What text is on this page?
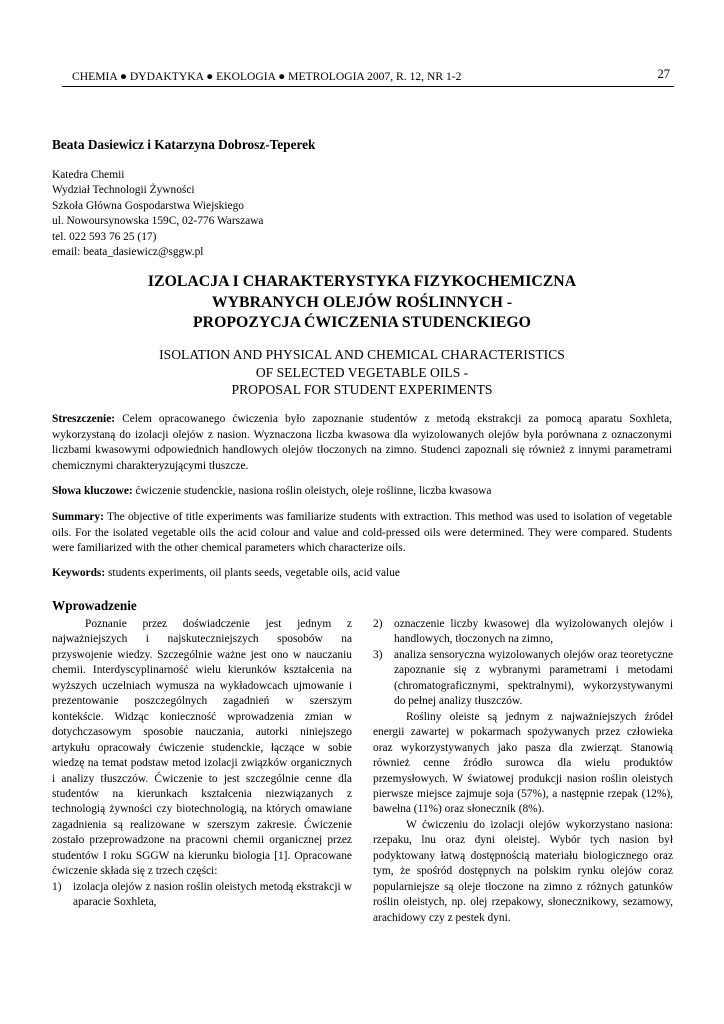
CHEMIA ● DYDAKTYKA ● EKOLOGIA ● METROLOGIA 2007, R. 12, NR 1-2	27
Beata Dasiewicz i Katarzyna Dobrosz-Teperek
Katedra Chemii
Wydział Technologii Żywności
Szkoła Główna Gospodarstwa Wiejskiego
ul. Nowoursynowska 159C, 02-776 Warszawa
tel. 022 593 76 25 (17)
email: beata_dasiewicz@sggw.pl
IZOLACJA I CHARAKTERYSTYKA FIZYKOCHEMICZNA
WYBRANYCH OLEJÓW ROŚLINNYCH -
PROPOZYCJA ĆWICZENIA STUDENCKIEGO
ISOLATION AND PHYSICAL AND CHEMICAL CHARACTERISTICS
OF SELECTED VEGETABLE OILS -
PROPOSAL FOR STUDENT EXPERIMENTS
Streszczenie: Celem opracowanego ćwiczenia było zapoznanie studentów z metodą ekstrakcji za pomocą aparatu Soxhleta, wykorzystaną do izolacji olejów z nasion. Wyznaczona liczba kwasowa dla wyizolowanych olejów była porównana z oznaczonymi liczbami kwasowymi odpowiednich handlowych olejów tłoczonych na zimno. Studenci zapoznali się również z innymi parametrami chemicznymi charakteryzującymi tłuszcze.
Słowa kluczowe: ćwiczenie studenckie, nasiona roślin oleistych, oleje roślinne, liczba kwasowa
Summary: The objective of title experiments was familiarize students with extraction. This method was used to isolation of vegetable oils. For the isolated vegetable oils the acid colour and value and cold-pressed oils were determined. They were compared. Students were familiarized with the other chemical parameters which characterize oils.
Keywords: students experiments, oil plants seeds, vegetable oils, acid value
Wprowadzenie

Poznanie przez doświadczenie jest jednym z najważniejszych i najskuteczniejszych sposobów na przyswojenie wiedzy. Szczególnie ważne jest ono w nauczaniu chemii. Interdyscyplinarność wielu kierunków kształcenia na wyższych uczelniach wymusza na wykładowcach ujmowanie i prezentowanie poszczególnych zagadnień w szerszym kontekście. Widząc konieczność wprowadzenia zmian w dotychczasowym sposobie nauczania, autorki niniejszego artykułu opracowały ćwiczenie studenckie, łączące w sobie wiedzę na temat podstaw metod izolacji związków organicznych i analizy tłuszczów. Ćwiczenie to jest szczególnie cenne dla studentów na kierunkach kształcenia niezwiązanych z technologią żywności czy biotechnologią, na których omawiane zagadnienia są realizowane w szerszym zakresie. Ćwiczenie zostało przeprowadzone na pracowni chemii organicznej przez studentów I roku SGGW na kierunku biologia [1]. Opracowane ćwiczenie składa się z trzech części:

1) izolacja olejów z nasion roślin oleistych metodą ekstrakcji w aparacie Soxhleta,
2) oznaczenie liczby kwasowej dla wyizolowanych olejów i handlowych, tłoczonych na zimno,
3) analiza sensoryczna wyizolowanych olejów oraz teoretyczne zapoznanie się z wybranymi parametrami i metodami (chromatograficznymi, spektralnymi), wykorzystywanymi do pełnej analizy tłuszczów.

Rośliny oleiste są jednym z najważniejszych źródeł energii zawartej w pokarmach spożywanych przez człowieka oraz wykorzystywanych jako pasza dla zwierząt. Stanowią również cenne źródło surowca dla wielu produktów przemysłowych. W światowej produkcji nasion roślin oleistych pierwsze miejsce zajmuje soja (57%), a następnie rzepak (12%), bawełna (11%) oraz słonecznik (8%).

W ćwiczeniu do izolacji olejów wykorzystano nasiona: rzepaku, lnu oraz dyni oleistej. Wybór tych nasion był podyktowany łatwą dostępnością materiału biologicznego oraz tym, że spośród dostępnych na polskim rynku olejów coraz popularniejsze są oleje tłoczone na zimno z różnych gatunków roślin oleistych, np. olej rzepakowy, słonecznikowy, sezamowy, arachidowy czy z pestek dyni.
